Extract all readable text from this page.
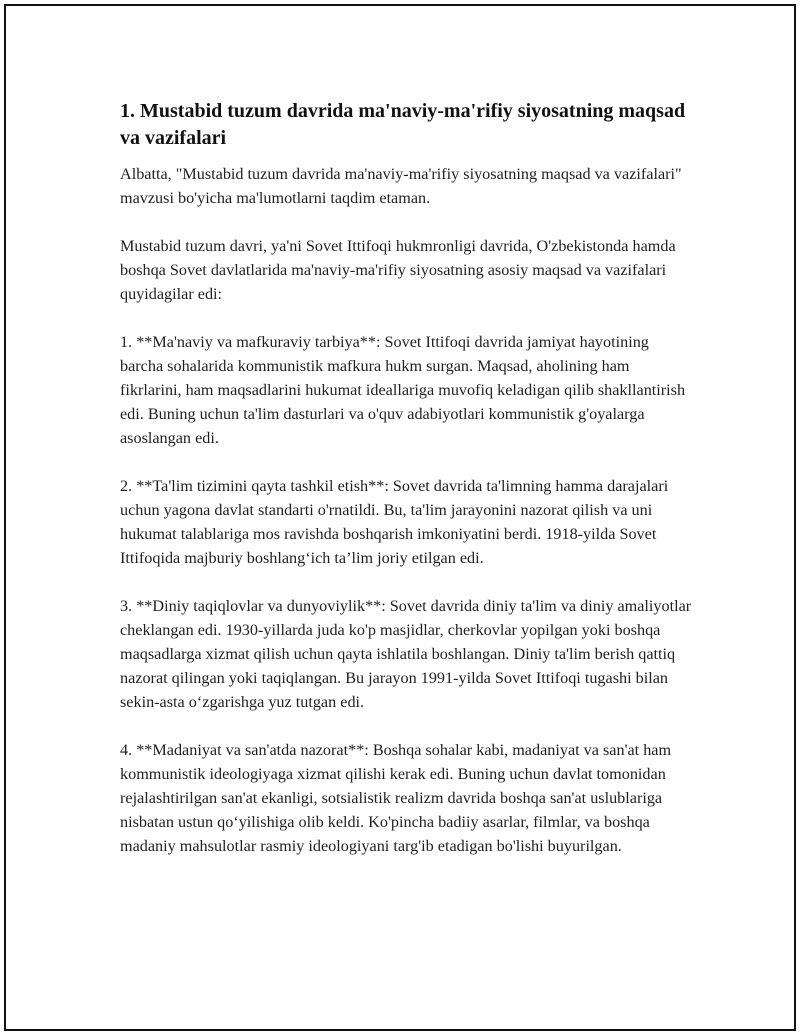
1. Mustabid tuzum davrida ma'naviy-ma'rifiy siyosatning maqsad va vazifalari

Albatta, "Mustabid tuzum davrida ma'naviy-ma'rifiy siyosatning maqsad va vazifalari" mavzusi bo'yicha ma'lumotlarni taqdim etaman.

Mustabid tuzum davri, ya'ni Sovet Ittifoqi hukmronligi davrida, O'zbekistonda hamda boshqa Sovet davlatlarida ma'naviy-ma'rifiy siyosatning asosiy maqsad va vazifalari quyidagilar edi:

1. **Ma'naviy va mafkuraviy tarbiya**: Sovet Ittifoqi davrida jamiyat hayotining barcha sohalarida kommunistik mafkura hukm surgan. Maqsad, aholining ham fikrlarini, ham maqsadlarini hukumat ideallariga muvofiq keladigan qilib shakllantirish edi. Buning uchun ta'lim dasturlari va o'quv adabiyotlari kommunistik g'oyalarga asoslangan edi.

2. **Ta'lim tizimini qayta tashkil etish**: Sovet davrida ta'limning hamma darajalari uchun yagona davlat standarti o'rnatildi. Bu, ta'lim jarayonini nazorat qilish va uni hukumat talablariga mos ravishda boshqarish imkoniyatini berdi. 1918-yilda Sovet Ittifoqida majburiy boshlang‘ich ta’lim joriy etilgan edi.

3. **Diniy taqiqlovlar va dunyoviylik**: Sovet davrida diniy ta'lim va diniy amaliyotlar cheklangan edi. 1930-yillarda juda ko'p masjidlar, cherkovlar yopilgan yoki boshqa maqsadlarga xizmat qilish uchun qayta ishlatila boshlangan. Diniy ta'lim berish qattiq nazorat qilingan yoki taqiqlangan. Bu jarayon 1991-yilda Sovet Ittifoqi tugashi bilan sekin-asta o‘zgarishga yuz tutgan edi.

4. **Madaniyat va san'atda nazorat**: Boshqa sohalar kabi, madaniyat va san'at ham kommunistik ideologiyaga xizmat qilishi kerak edi. Buning uchun davlat tomonidan rejalashtirilgan san'at ekanligi, sotsialistik realizm davrida boshqa san'at uslublariga nisbatan ustun qo‘yilishiga olib keldi. Ko'pincha badiiy asarlar, filmlar, va boshqa madaniy mahsulotlar rasmiy ideologiyani targ'ib etadigan bo'lishi buyurilgan.
